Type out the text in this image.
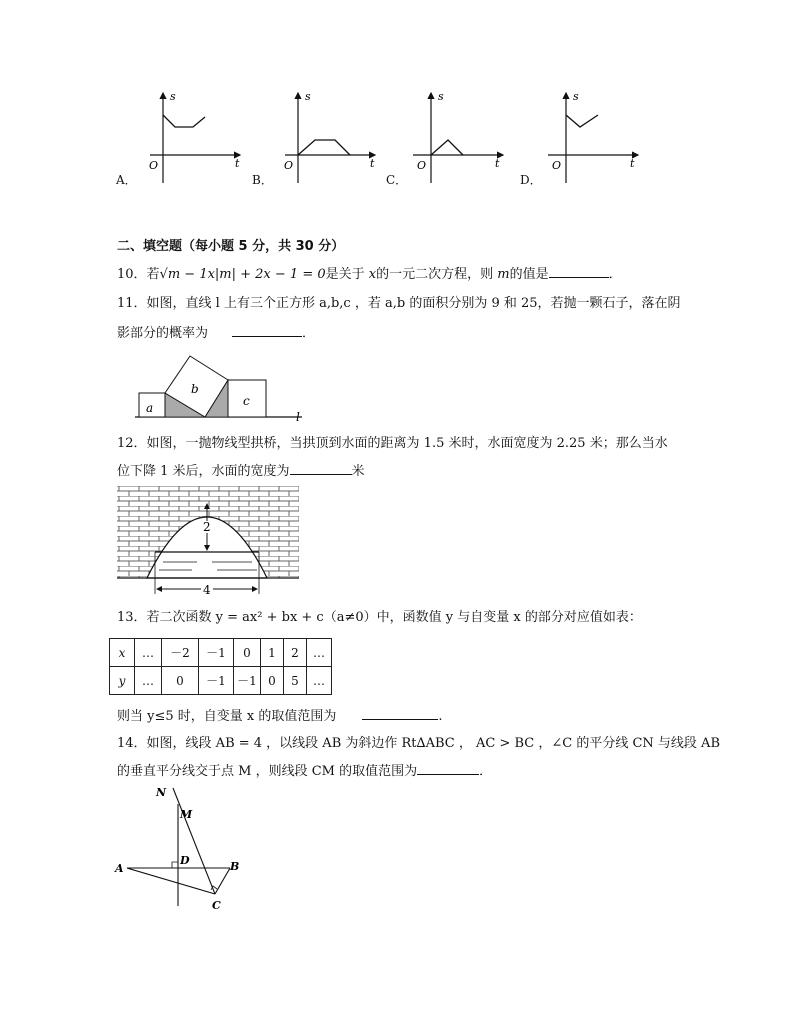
s
t
O
A．
s
t
O
B．
s
t
O
C．
s
t
O
D．
二、填空题（每小题 5 分，共 30 分）
10．若√m − 1x|m| + 2x − 1 = 0是关于 x的一元二次方程，则 m的值是	．
11．如图，直线 l 上有三个正方形 a,b,c ，若 a,b 的面积分别为 9 和 25，若抛一颗石子，落在阴
影部分的概率为	．
a
b
c
l
12．如图，一抛物线型拱桥，当拱顶到水面的距离为 1.5 米时，水面宽度为 2.25 米；那么当水
位下降 1 米后，水面的宽度为	米
2
4
13．若二次函数 y = ax² + bx + c（a≠0）中，函数值 y 与自变量 x 的部分对应值如表：
x	…	－2	－1	0	1	2	…
y	…	0	－1	－1	0	5	…
则当 y≤5 时，自变量 x 的取值范围为	.
14．如图，线段 AB = 4 ，以线段 AB 为斜边作 Rt∆ABC ， AC > BC ，∠C 的平分线 CN 与线段 AB
的垂直平分线交于点 M ，则线段 CM 的取值范围为	．
N
M
A
D	B
C
